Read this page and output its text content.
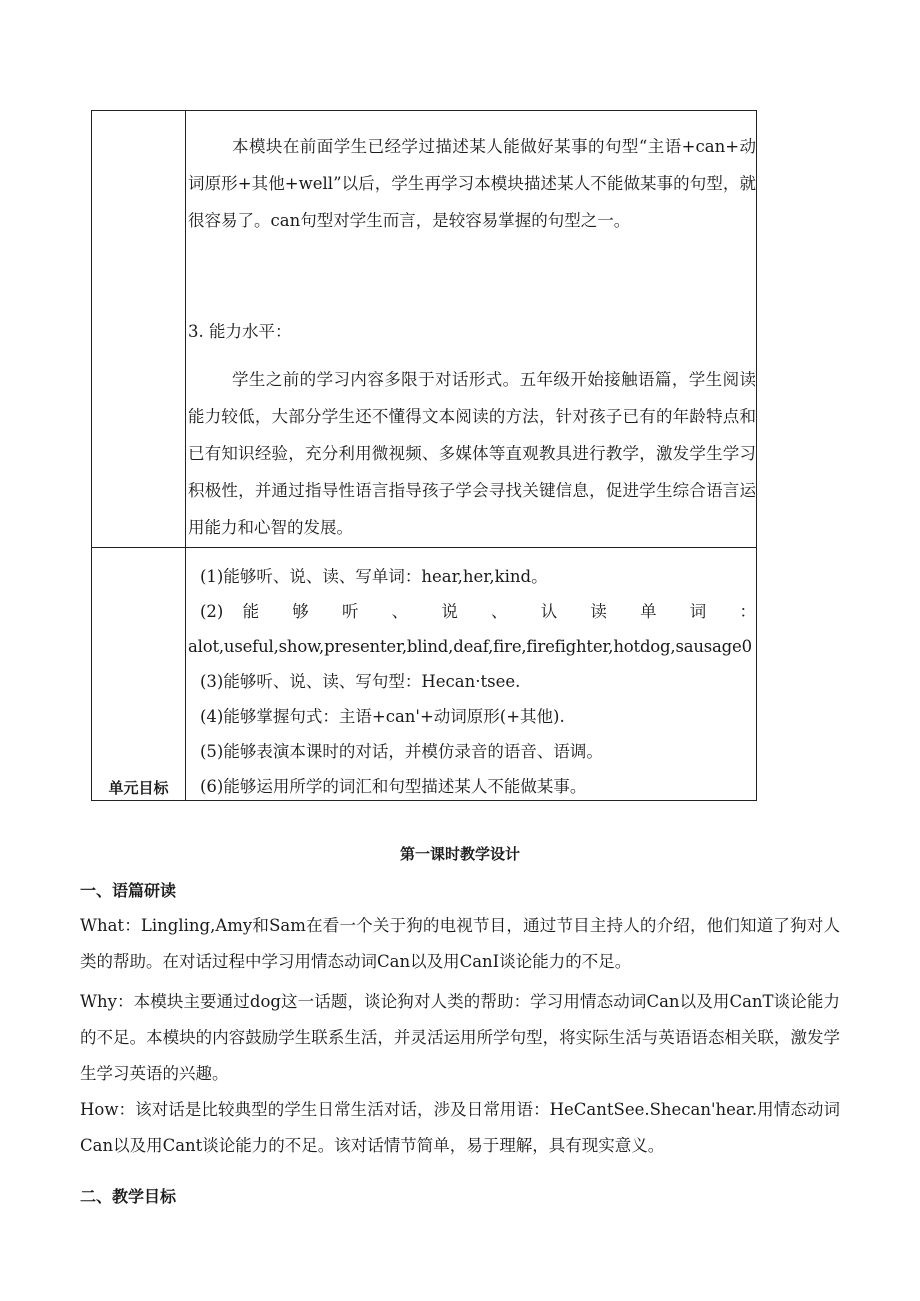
本模块在前面学生已经学过描述某人能做好某事的句型“主语+can+动词原形+其他+well”以后，学生再学习本模块描述某人不能做某事的句型，就很容易了。can句型对学生而言，是较容易掌握的句型之一。
3. 能力水平：
学生之前的学习内容多限于对话形式。五年级开始接触语篇，学生阅读能力较低，大部分学生还不懂得文本阅读的方法，针对孩子已有的年龄特点和已有知识经验，充分利用微视频、多媒体等直观教具进行教学，激发学生学习积极性，并通过指导性语言指导孩子学会寻找关键信息，促进学生综合语言运用能力和心智的发展。
(1)能够听、说、读、写单词：hear,her,kind。
(2) 能 够 听 、 说 、 认 读 单 词 ：
alot,useful,show,presenter,blind,deaf,fire,firefighter,hotdog,sausage0
(3)能够听、说、读、写句型：Hecan·tsee.
(4)能够掌握句式：主语+can'+动词原形(+其他).
(5)能够表演本课时的对话，并模仿录音的语音、语调。
(6)能够运用所学的词汇和句型描述某人不能做某事。
单元目标
第一课时教学设计
一、语篇研读
What：Lingling,Amy和Sam在看一个关于狗的电视节目，通过节目主持人的介绍，他们知道了狗对人类的帮助。在对话过程中学习用情态动词Can以及用CanI谈论能力的不足。
Why：本模块主要通过dog这一话题，谈论狗对人类的帮助：学习用情态动词Can以及用CanT谈论能力的不足。本模块的内容鼓励学生联系生活，并灵活运用所学句型，将实际生活与英语语态相关联，激发学生学习英语的兴趣。
How：该对话是比较典型的学生日常生活对话，涉及日常用语：HeCantSee.Shecan'hear.用情态动词Can以及用Cant谈论能力的不足。该对话情节简单，易于理解，具有现实意义。
二、教学目标
